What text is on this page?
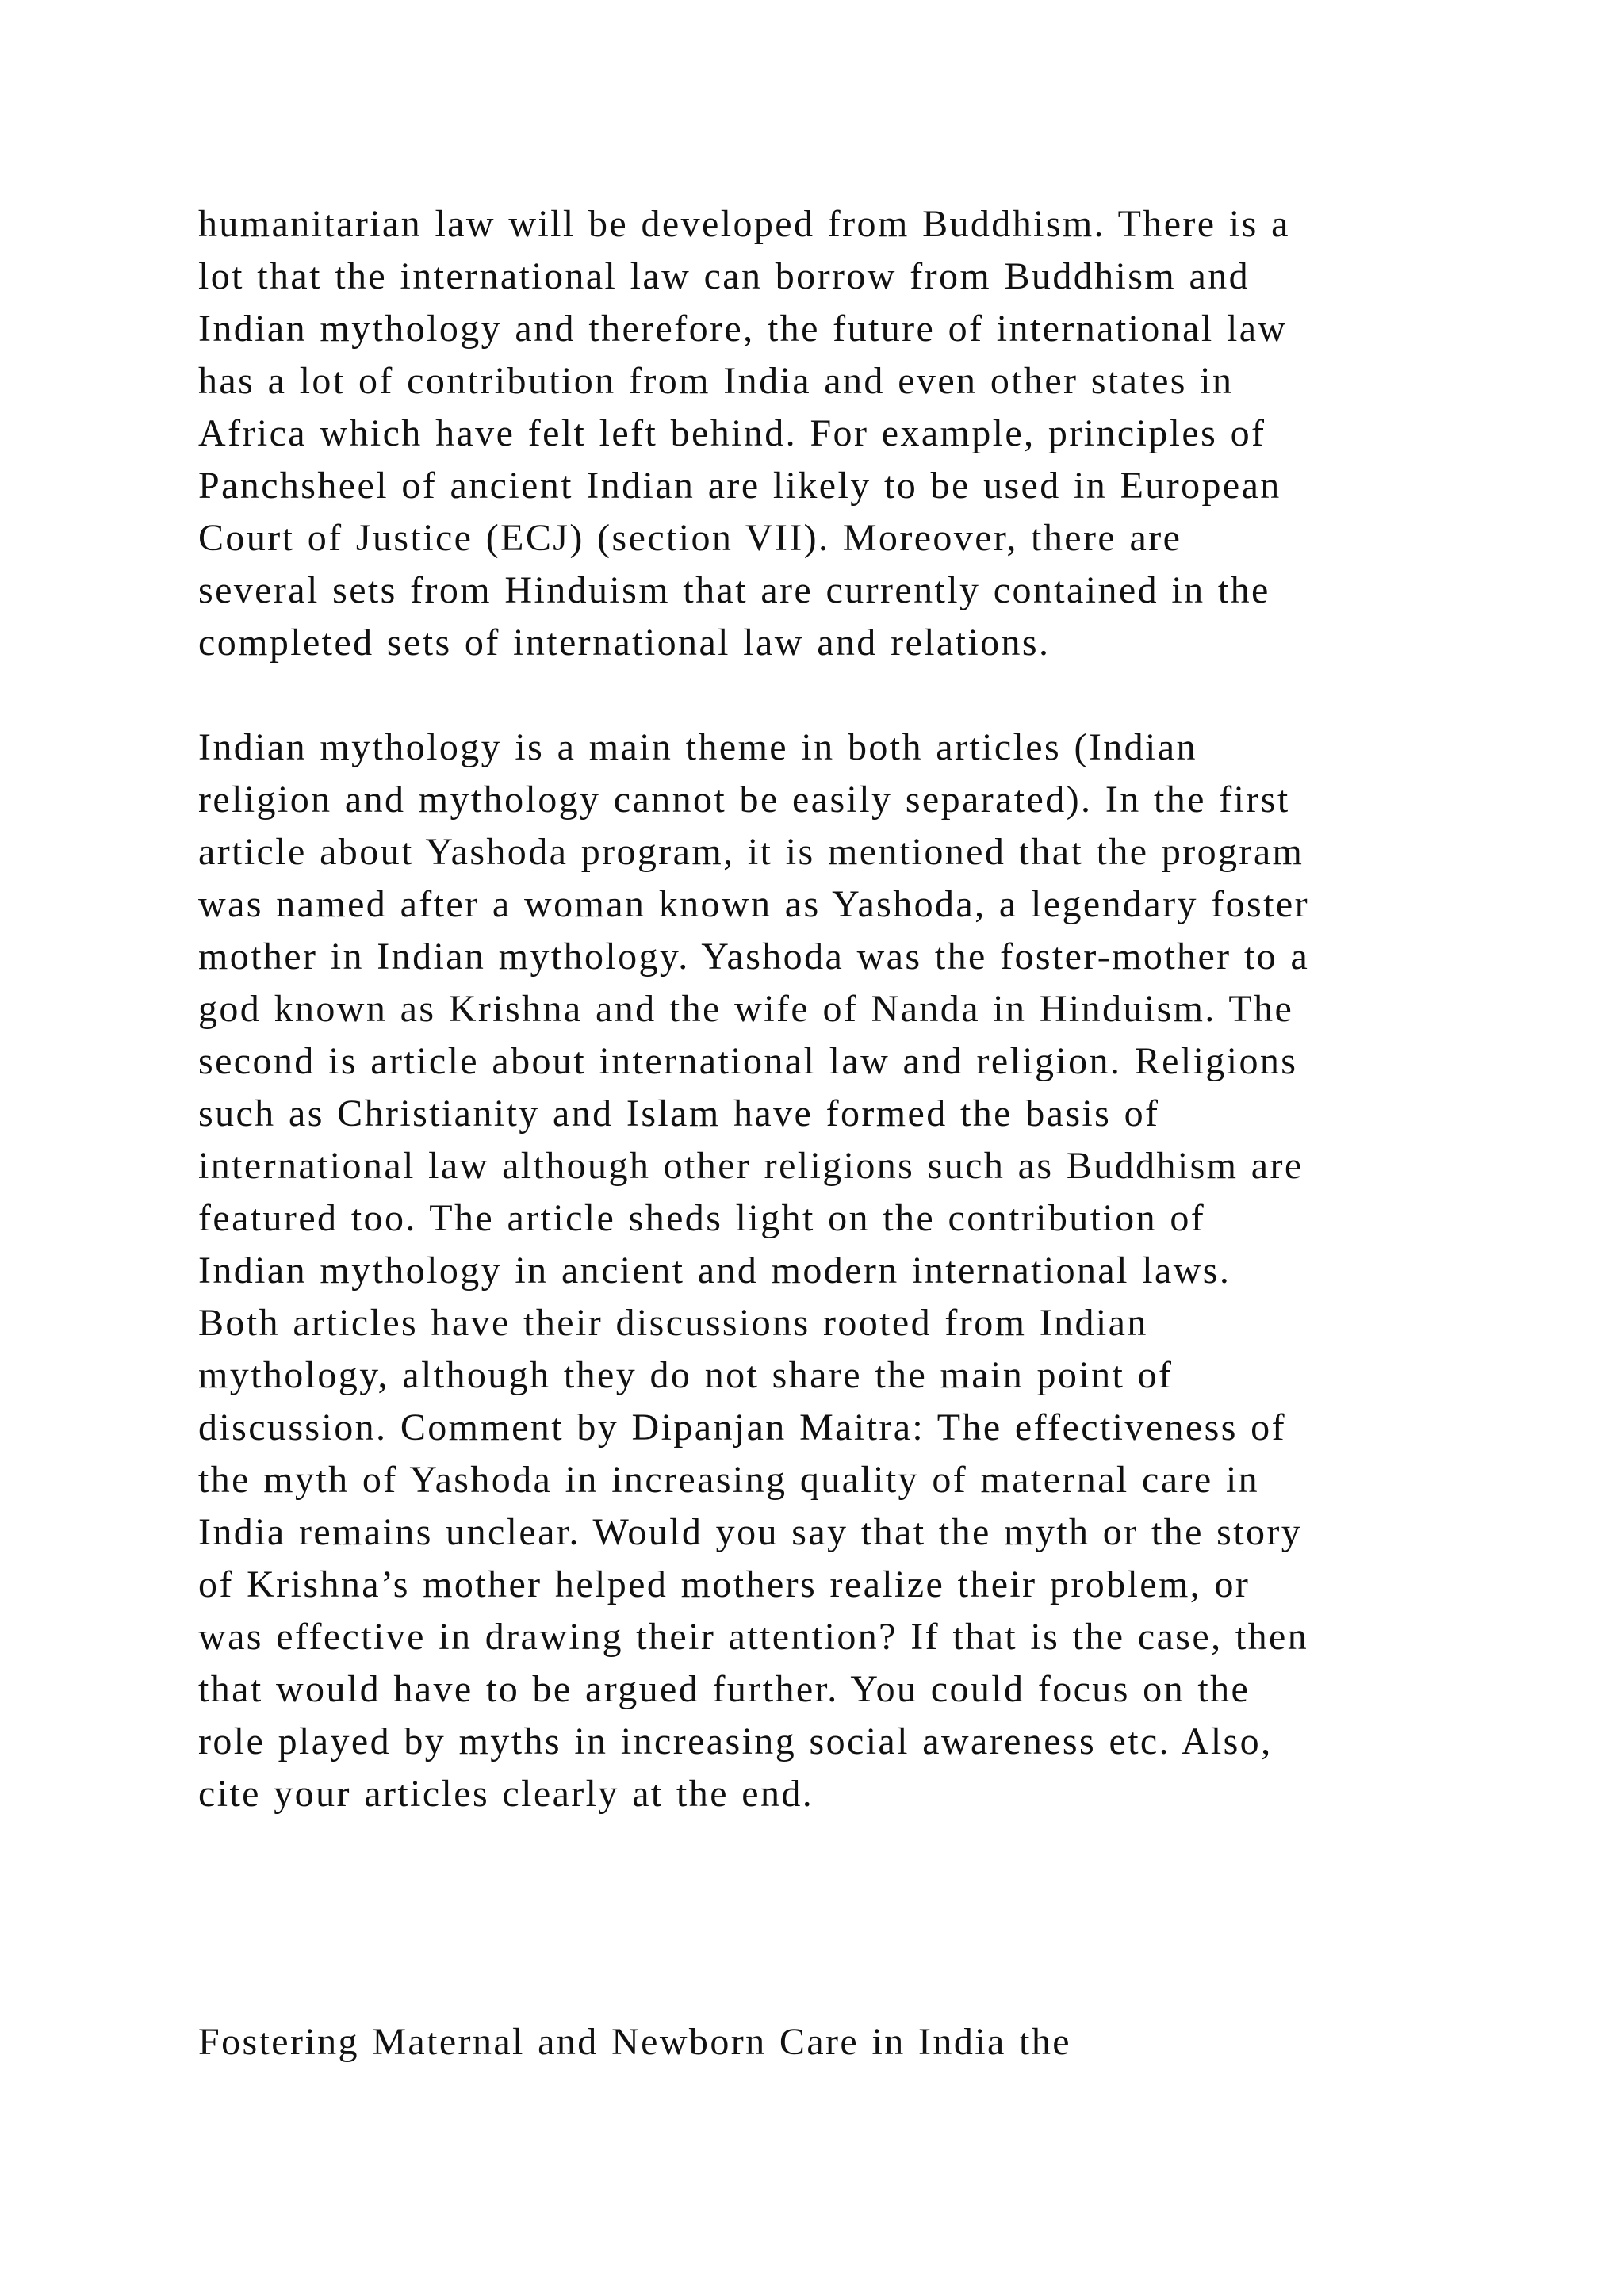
humanitarian law will be developed from Buddhism. There is a
lot that the international law can borrow from Buddhism and
Indian mythology and therefore, the future of international law
has a lot of contribution from India and even other states in
Africa which have felt left behind. For example, principles of
Panchsheel of ancient Indian are likely to be used in European
Court of Justice (ECJ) (section VII). Moreover, there are
several sets from Hinduism that are currently contained in the
completed sets of international law and relations.
Indian mythology is a main theme in both articles (Indian
religion and mythology cannot be easily separated). In the first
article about Yashoda program, it is mentioned that the program
was named after a woman known as Yashoda, a legendary foster
mother in Indian mythology. Yashoda was the foster-mother to a
god known as Krishna and the wife of Nanda in Hinduism. The
second is article about international law and religion. Religions
such as Christianity and Islam have formed the basis of
international law although other religions such as Buddhism are
featured too. The article sheds light on the contribution of
Indian mythology in ancient and modern international laws.
Both articles have their discussions rooted from Indian
mythology, although they do not share the main point of
discussion. Comment by Dipanjan Maitra: The effectiveness of
the myth of Yashoda in increasing quality of maternal care in
India remains unclear. Would you say that the myth or the story
of Krishna’s mother helped mothers realize their problem, or
was effective in drawing their attention? If that is the case, then
that would have to be argued further. You could focus on the
role played by myths in increasing social awareness etc. Also,
cite your articles clearly at the end.
Fostering Maternal and Newborn Care in India the
